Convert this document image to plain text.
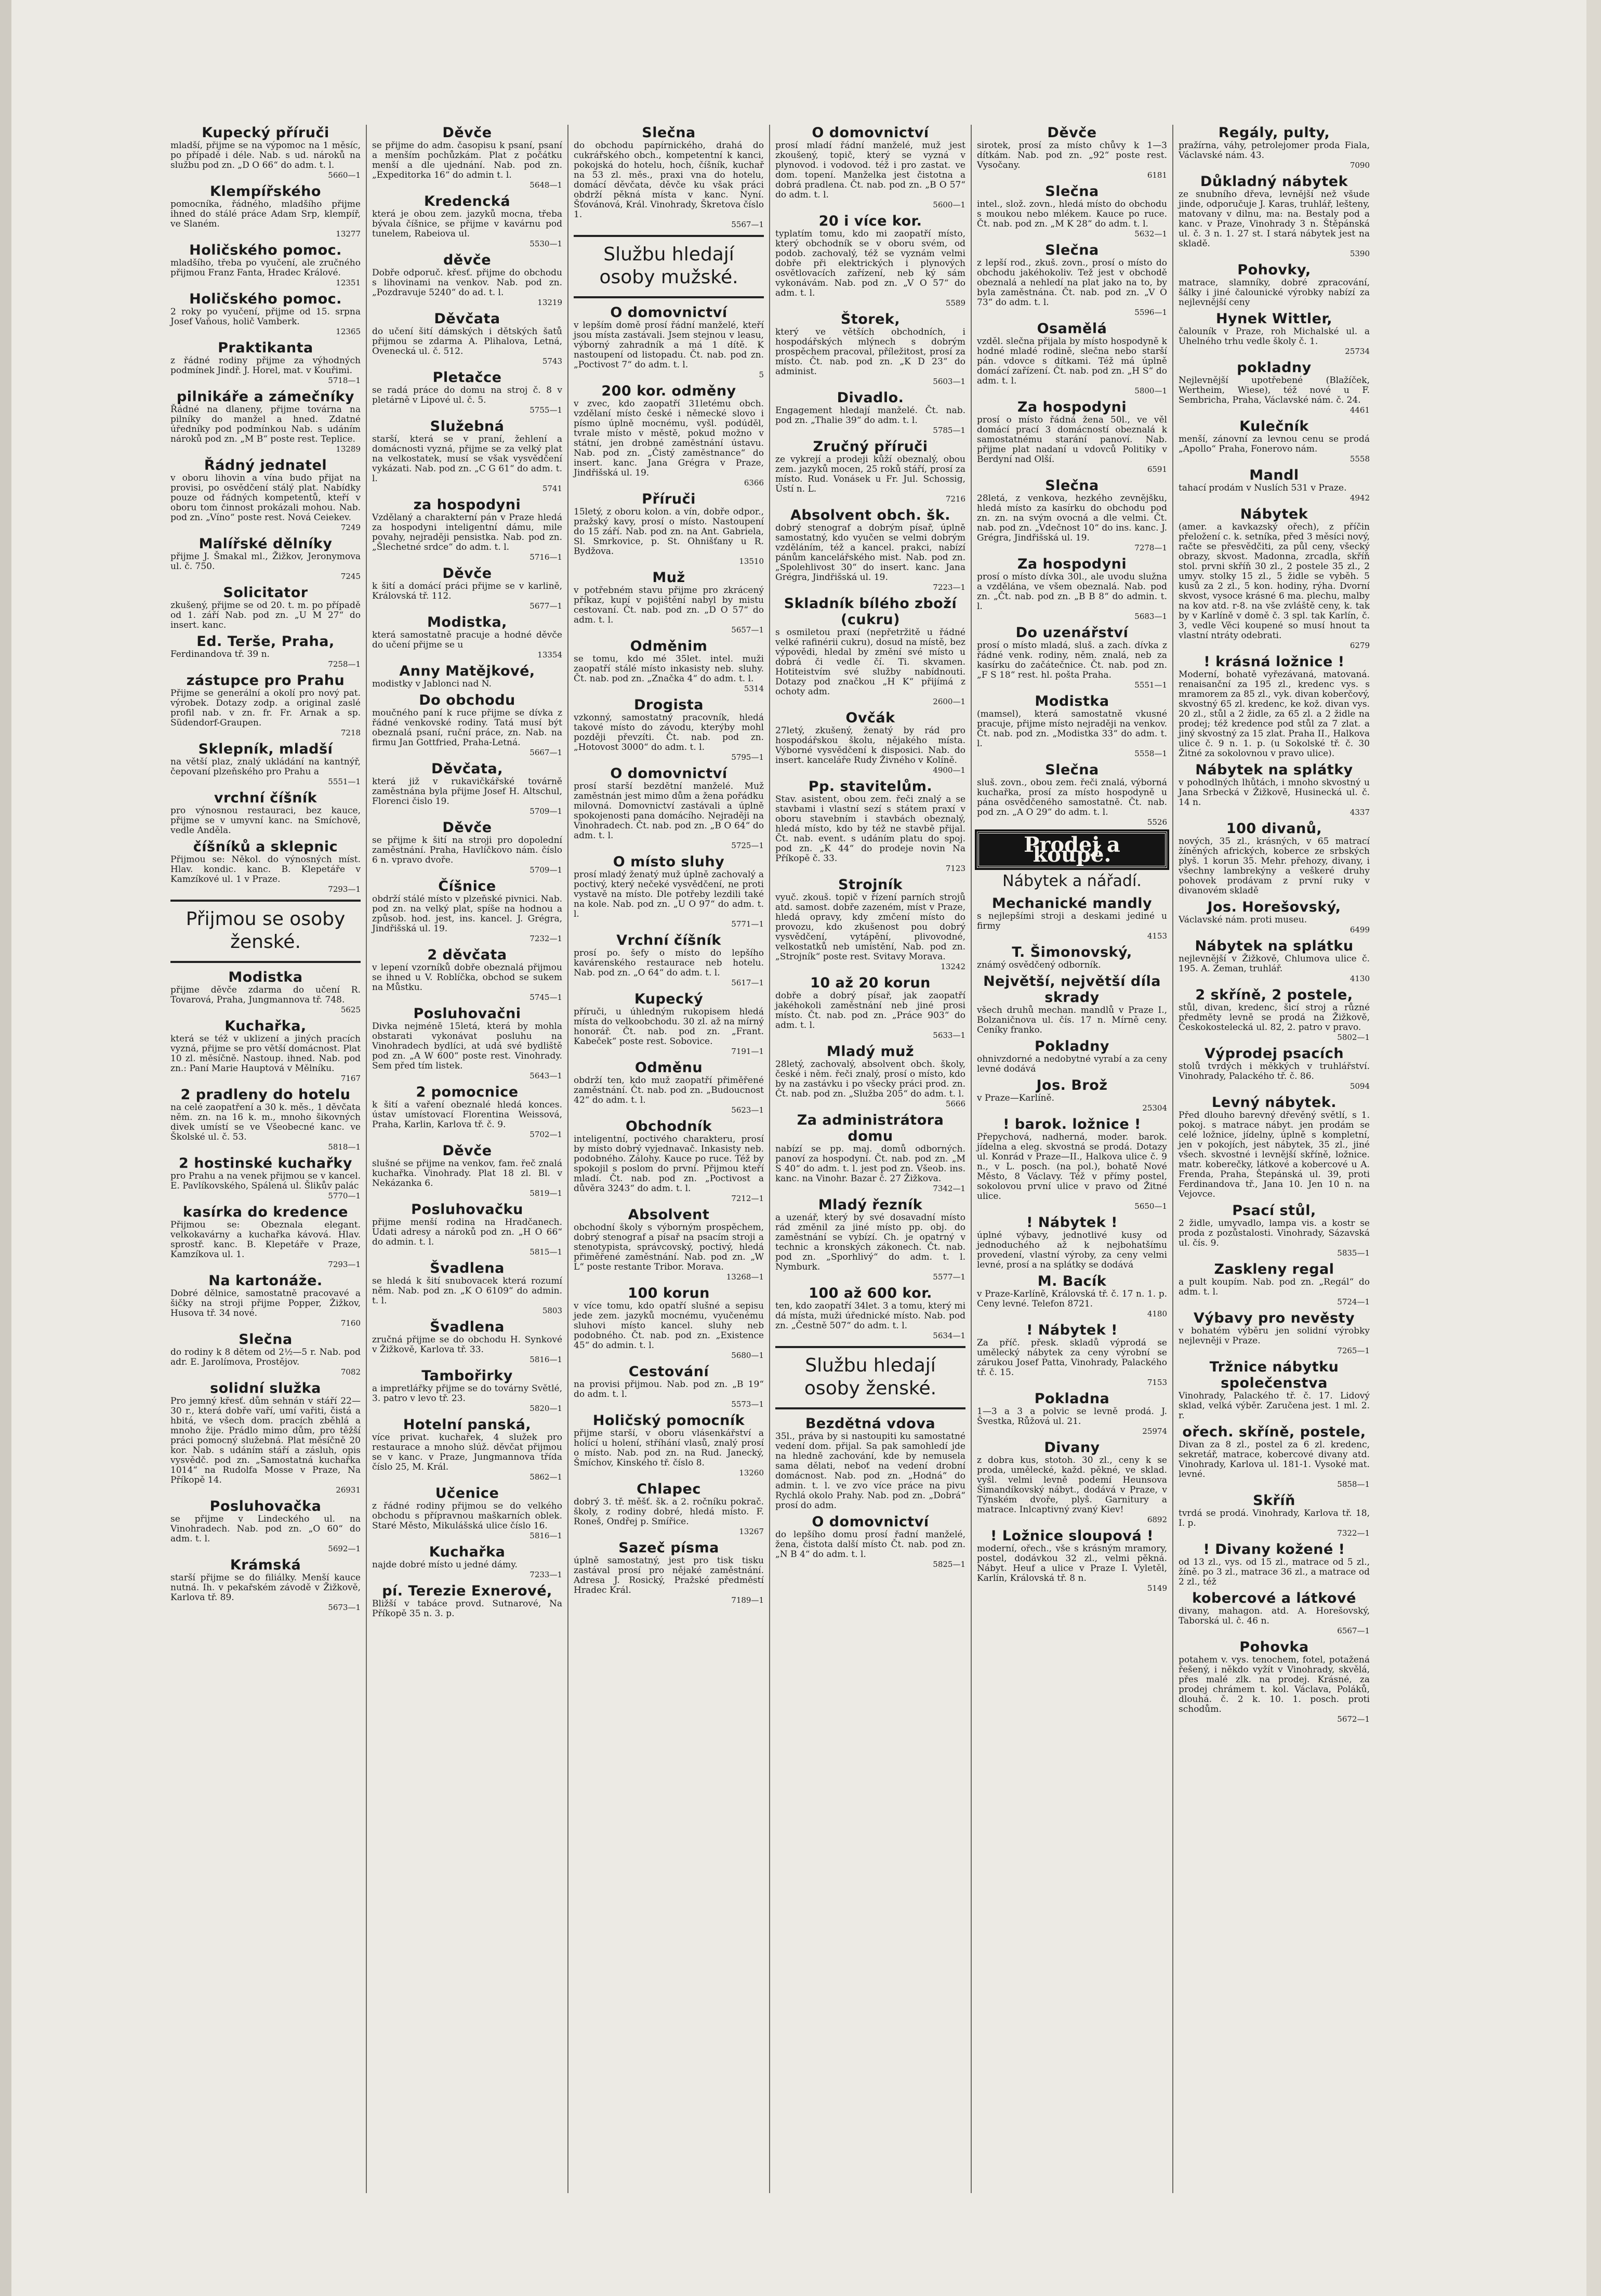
Kupecký příruči

mladší, přijme se na výpomoc na 1 měsíc, po případě i déle. Nab. s ud. nároků na službu pod zn. „D O 66“ do adm. t. l.

5660—1

Klempířského

pomocníka, řádného, mladšího přijme ihned do stálé práce Adam Srp, klempíř, ve Slaném.

13277

Holičského pomoc.

mladšího, třeba po vyučení, ale zručného přijmou Franz Fanta, Hradec Králové.

12351

Holičského pomoc.

2 roky po vyučení, přijme od 15. srpna Josef Vaňous, holič Vamberk.

12365

Praktikanta

z řádné rodiny přijme za výhodných podmínek Jindř. J. Horel, mat. v Kouřimi.

5718—1

pilnikáře a zámečníky

Řádné na dlaneny, přijme továrna na pilníky do manžel a hned. Zdatné úředníky pod podmínkou Nab. s udáním nároků pod zn. „M B“ poste rest. Teplice.

13289

Řádný jednatel

v oboru lihovin a vína budo přijat na provisi, po osvědčení stálý plat. Nabídky pouze od řádných kompetentů, kteří v oboru tom činnost prokázali mohou. Nab. pod zn. „Víno“ poste rest. Nová Ceiekev.

7249

Malířské dělníky

přijme J. Šmakal ml., Žižkov, Jeronymova ul. č. 750.

7245

Solicitator

zkušený, přijme se od 20. t. m. po případě od 1. září Nab. pod zn. „U M 27“ do insert. kanc.

Ed. Terše, Praha,

Ferdinandova tř. 39 n.

7258—1

zástupce pro Prahu

Přijme se generální a okolí pro nový pat. výrobek. Dotazy zodp. a original zaslé profil nab. v zn. fr. Fr. Arnak a sp. Südendorf-Graupen.

7218

Sklepník, mladší

na větší plaz, znalý ukládání na kantnýř, čepovaní plzeňského pro Prahu a

5551—1

vrchní číšník

pro výnosnou restauraci, bez kauce, přijme se v umyvní kanc. na Smíchově, vedle Anděla.

číšníků a sklepnic

Přijmou se: Někol. do výnosných míst. Hlav. kondic. kanc. B. Klepetáře v Kamzíkové ul. 1 v Praze.

7293—1

Přijmou se osoby ženské.
Modistka

přijme děvče zdarma do učení R. Tovarová, Praha, Jungmannova tř. 748.

5625

Kuchařka,

která se též v uklizení a jiných pracích vyzná, přijme se pro větší domácnost. Plat 10 zl. měsíčně. Nastoup. ihned. Nab. pod zn.: Paní Marie Hauptová v Mělníku.

7167

2 pradleny do hotelu

na celé zaopatření a 30 k. měs., 1 děvčata něm. zn. na 16 k. m., mnoho šikovných divek umístí se ve Všeobecné kanc. ve Školské ul. č. 53.

5818—1

2 hostinské kuchařky

pro Prahu a na venek přijmou se v kancel. E. Pavlíkovského, Spálená ul. Šlikův palác

5770—1

kasírka do kredence

Přijmou se: Obeznala elegant. velkokavárny a kuchařka kávová. Hlav. sprostř. kanc. B. Klepetáře v Praze, Kamzíkova ul. 1.

7293—1

Na kartonáže.

Dobré dělnice, samostatně pracovavé a šičky na stroji přijme Popper, Žižkov, Husova tř. 34 nové.

7160

Slečna

do rodiny k 8 dětem od 2½—5 r. Nab. pod adr. E. Jarolímova, Prostějov.

7082

solidní služka

Pro jemný křesť. dům sehnán v stáří 22—30 r., která dobře vaří, umí vařiti, čistá a hbitá, ve všech dom. pracích zběhlá a mnoho žije. Prádlo mimo dům, pro těžší práci pomocný služebná. Plat měsíčně 20 kor. Nab. s udáním stáří a zásluh, opis vysvědč. pod zn. „Samostatná kuchařka 1014“ na Rudolfa Mosse v Praze, Na Příkopě 14.

26931

Posluhovačka

se přijme v Lindeckého ul. na Vinohradech. Nab. pod zn. „O 60“ do adm. t. l.

5692—1

Krámská

starší přijme se do filiálky. Menší kauce nutná. Ih. v pekařském závodě v Žižkově, Karlova tř. 89.

5673—1

Děvče

se přijme do adm. časopisu k psaní, psaní a menším pochůzkám. Plat z počátku menší a dle ujednání. Nab. pod zn. „Expeditorka 16“ do admin t. l.

5648—1

Kredencká

která je obou zem. jazyků mocna, třeba bývala číšnice, se přijme v kavárnu pod tunelem, Rabeiova ul.

5530—1

děvče

Dobře odporuč. křesť. přijme do obchodu s lihovinami na venkov. Nab. pod zn. „Pozdravuje 5240“ do ad. t. l.

13219

Děvčata

do učení šití dámských i dětských šatů přijmou se zdarma A. Plihalova, Letná, Ovenecká ul. č. 512.

5743

Pletačce

se radá práce do domu na stroj č. 8 v pletárně v Lipové ul. č. 5.

5755—1

Služebná

starší, která se v praní, žehlení a domácnosti vyzná, přijme se za velký plat na velkostatek, musí se však vysvědčení vykázati. Nab. pod zn. „C G 61“ do adm. t. l.

5741

za hospodyni

Vzdělaný a charakterní pán v Praze hledá za hospodyni inteligentní dámu, mile povahy, nejraději pensistka. Nab. pod zn. „Šlechetné srdce“ do adm. t. l.

5716—1

Děvče

k šití a domácí práci přijme se v karlině, Královská tř. 112.

5677—1

Modistka,

která samostatně pracuje a hodné děvče do učení přijme se u

13354

Anny Matějkové,

modistky v Jablonci nad N.

Do obchodu

moučného paní k ruce přijme se dívka z řádné venkovské rodiny. Tatá musí být obeznalá psaní, ruční práce, zn. Nab. na firmu Jan Gottfried, Praha-Letná.

5667—1

Děvčata,

která již v rukavičkářské továrně zaměstnána byla přijme Josef H. Altschul, Florenci čislo 19.

5709—1

Děvče

se přijme k šití na stroji pro dopolední zaměstnání. Praha, Havlíčkovo nám. číslo 6 n. vpravo dvoře.

5709—1

Číšnice

obdrží stálé místo v plzeňské pivnici. Nab. pod zn. na velký plat, spíše na hodnou a způsob. hod. jest, ins. kancel. J. Grégra, Jindřišská ul. 19.

7232—1

2 děvčata

v lepení vzorníků dobře obeznalá přijmou se ihned u V. Roblíčka, obchod se sukem na Můstku.

5745—1

Posluhovačni

Divka nejméně 15letá, která by mohla obstarati vykonávat posluhu na Vinohradech bydlíci, at udá své bydliště pod zn. „A W 600“ poste rest. Vinohrady. Sem před tím listek.

5643—1

2 pomocnice

k šití a vaření obeznalé hledá konces. ústav umístovací Florentina Weissová, Praha, Karlin, Karlova tř. č. 9.

5702—1

Děvče

slušné se přijme na venkov, fam. řeč znalá kuchařka. Vinohrady. Plat 18 zl. Bl. v Nekázanka 6.

5819—1

Posluhovačku

přijme menší rodina na Hradčanech. Udati adresy a nároků pod zn. „H O 66“ do admin. t. l.

5815—1

Švadlena

se hledá k šití snubovacek která rozumí něm. Nab. pod zn. „K O 6109“ do admin. t. l.

5803

Švadlena

zručná přijme se do obchodu H. Synkové v Žižkově, Karlova tř. 33.

5816—1

Tambořirky

a impretlářky přijme se do továrny Světlé, 3. patro v levo tř. 23.

5820—1

Hotelní panská,

více privat. kuchařek, 4 služek pro restaurace a mnoho slúž. děvčat přijmou se v kanc. v Praze, Jungmannova třída číslo 25, M. Král.

5862—1

Učenice

z řádné rodiny přijmou se do velkého obchodu s přípravnou maškarních oblek. Staré Město, Mikulášská ulice číslo 16.

5816—1

Kuchařka

najde dobré místo u jedné dámy.

7233—1

pí. Terezie Exnerové,

Bližší v tabáce provd. Sutnarové, Na Příkopě 35 n. 3. p.

Slečna

do obchodu papírnického, drahá do cukrářského obch., kompetentní k kanci, pokojská do hotelu, hoch, číšník, kuchař na 53 zl. měs., praxi vna do hotelu, domácí děvčata, děvče ku však práci obdrží pěkná místa v kanc. Nyní. Šťovánová, Král. Vinohrady, Škretova číslo 1.

5567—1

Službu hledají osoby mužské.
O domovnictví

v lepším domě prosí řádní manželé, kteří jsou místa zastávali. Jsem stejnou v leasu, výborný zahradník a má 1 dítě. K nastoupení od listopadu. Čt. nab. pod zn. „Poctivost 7“ do adm. t. l.

5

200 kor. odměny

v zvec, kdo zaopatří 31letému obch. vzdělaní místo české i německé slovo i písmo úplně mocnému, vyšl. podúděl, tvrale místo v městě, pokud možno v státní, jen drobné zaměstnání ústavu. Nab. pod zn. „Čistý zaměstnance“ do insert. kanc. Jana Grégra v Praze, Jindřišská ul. 19.

6366

Příruči

15letý, z oboru kolon. a vín, dobře odpor., pražský kavy, prosí o místo. Nastoupení do 15 září. Nab. pod zn. na Ant. Gabriela, Sl. Smrkovice, p. St. Ohnišťany u R. Bydžova.

13510

Muž

v potřebném stavu přijme pro zkrácený příkaz, kupí v pojištění nabyl by mistu cestovaní. Čt. nab. pod zn. „D O 57“ do adm. t. l.

5657—1

Odměnim

se tomu, kdo mé 35let. intel. muži zaopatří stálé místo inkasisty neb. sluhy. Čt. nab. pod zn. „Značka 4“ do adm. t. l.

5314

Drogista

vzkonný, samostatný pracovník, hledá takové místo do závodu, kterýby mohl později převzíti. Čt. nab. pod zn. „Hotovost 3000“ do adm. t. l.

5795—1

O domovnictví

prosí starší bezdětní manželé. Muž zaměstnán jest mimo dům a žena pořádku milovná. Domovnictví zastávali a úplně spokojenosti pana domácího. Nejraději na Vinohradech. Čt. nab. pod zn. „B O 64“ do adm. t. l.

5725—1

O místo sluhy

prosí mladý ženatý muž úplně zachovalý a poctivý, který nečeké vysvědčení, ne proti vystavě na místo. Dle potřeby lezdili také na kole. Nab. pod zn. „U O 97“ do adm. t. l.

5771—1

Vrchní číšník

prosí po. šefy o místo do lepšího kavárenského restaurace neb hotelu. Nab. pod zn. „O 64“ do adm. t. l.

5617—1

Kupecký

příruči, u úhledným rukopisem hledá místa do velkoobchodu. 30 zl. až na mírný honorář. Čt. nab. pod zn. „Frant. Kabeček“ poste rest. Sobovice.

7191—1

Odměnu

obdrží ten, kdo muž zaopatří přiměřené zaměstnání. Čt. nab. pod zn. „Budoucnost 42“ do adm. t. l.

5623—1

Obchodník

inteligentní, poctivého charakteru, prosí by místo dobrý vyjednavač. Inkasisty neb. podobného. Zálohy. Kauce po ruce. Též by spokojil s poslom do první. Přijmou kteří mladí. Čt. nab. pod zn. „Poctivost a důvěra 3243“ do adm. t. l.

7212—1

Absolvent

obchodní školy s výborným prospěchem, dobrý stenograf a písař na psacím stroji a stenotypista, správcovský, poctivý, hledá přiměřené zaměstnání. Nab. pod zn. „W L“ poste restante Tribor. Morava.

13268—1

100 korun

v více tomu, kdo opatří slušné a sepisu jede zem. jazyků mocnému, vyučenému sluhovi místo kancel. sluhy neb podobného. Čt. nab. pod zn. „Existence 45“ do admin. t. l.

5680—1

Cestování

na provisi přijmou. Nab. pod zn. „B 19“ do adm. t. l.

5573—1

Holičský pomocník

přijme starší, v oboru vlásenkářství a holící u holení, stříhání vlasů, znalý prosí o místo. Nab. pod zn. na Rud. Janecký, Šmíchov, Kinského tř. číslo 8.

13260

Chlapec

dobrý 3. tř. měšť. šk. a 2. ročníku pokrač. školy, z rodiny dobré, hledá místo. F. Roneš, Ondřej p. Smířice.

13267

Sazeč písma

úplně samostatný, jest pro tisk tisku zastával prosí pro nějaké zaměstnání. Adresa J. Rosický, Pražské předměstí Hradec Král.

7189—1

O domovnictví

prosí mladí řádní manželé, muž jest zkoušený, topič, který se vyzná v plynovod. i vodovod. též i pro zastat. ve dom. topení. Manželka jest čistotna a dobrá pradlena. Čt. nab. pod zn. „B O 57“ do adm. t. l.

5600—1

20 i více kor.

typlatím tomu, kdo mi zaopatří místo, který obchodník se v oboru svém, od podob. zachovalý, též se vyznám velmi dobře při elektrických i plynových osvětlovacích zařízení, neb ký sám vykonávám. Nab. pod zn. „V O 57“ do adm. t. l.

5589

Štorek,

který ve větších obchodních, i hospodářských mlýnech s dobrým prospěchem pracoval, příležitost, prosí za místo. Čt. nab. pod zn. „K D 23“ do administ.

5603—1

Divadlo.

Engagement hledají manželé. Čt. nab. pod zn. „Thalie 39“ do adm. t. l.

5785—1

Zručný příruči

ze vykrejí a prodeji kůží obeznalý, obou zem. jazyků mocen, 25 roků stáří, prosí za místo. Rud. Vonásek u Fr. Jul. Schossig, Ústí n. L.

7216

Absolvent obch. šk.

dobrý stenograf a dobrým písař, úplně samostatný, kdo vyučen se velmi dobrým vzděláním, též a kancel. prakci, nabízí pánům kancelářského mist. Nab. pod zn. „Spolehlivost 30“ do insert. kanc. Jana Grégra, Jindřišská ul. 19.

7223—1

Skladník bílého zboží (cukru)

s osmiletou praxí (nepřetržitě u řádné velké rafinérii cukru), dosud na místě, bez výpovědi, hledal by změní své místo u dobrá či vedle čí. Ti. skvamen. Hotiteistvím své služby nabídnouti. Dotazy pod značkou „H K“ přijímá z ochoty adm.

2600—1

Ovčák

27letý, zkušený, ženatý by rád pro hospodářskou školu, nějakého místa. Výborné vysvědčení k disposici. Nab. do insert. kanceláře Rudy Živného v Kolíně.

4900—1

Pp. stavitelům.

Stav. asistent, obou zem. řeči znalý a se stavbami i vlastní sezí s státem praxí v oboru stavebním i stavbách obeznalý, hledá místo, kdo by též ne stavbě přijal. Čt. nab. event. s udáním platu do spoj. pod zn. „K 44“ do prodeje novin Na Příkopě č. 33.

7123

Strojník

vyuč. zkouš. topič v řízení parních strojů atd. samost. dobře zazeném, míst v Praze, hledá opravy, kdy zmčení místo do provozu, kdo zkušenost pou dobrý vysvědčení, vytápění, plivovodné, velkostatků neb umístění, Nab. pod zn. „Strojník“ poste rest. Svitavy Morava.

13242

10 až 20 korun

dobře a dobrý písař, jak zaopatří jakéhokoli zaměstnání neb jiné prosi místo. Čt. nab. pod zn. „Práce 903“ do adm. t. l.

5633—1

Mladý muž

28letý, zachovalý, absolvent obch. školy, české i něm. řeči znalý, prosí o místo, kdo by na zastávku i po všecky práci prod. zn. Čt. nab. pod zn. „Služba 205“ do adm. t. l.

5666

Za administrátora domu

nabízí se pp. maj. domů odborných. panoví za hospodyní. Čt. nab. pod zn. „M S 40“ do adm. t. l. jest pod zn. Všeob. ins. kanc. na Vinohr. Bazar č. 27 Žižkova.

7342—1

Mladý řezník

a uzenář, který by své dosavadní místo rád změnil za jiné místo pp. obj. do zaměstnání se vybízí. Ch. je opatrný v technic a kronských zákonech. Čt. nab. pod zn. „Sporhlivý“ do adm. t. l. Nymburk.

5577—1

100 až 600 kor.

ten, kdo zaopatří 34let. 3 a tomu, který mi dá místa, muži úřednické místo. Nab. pod zn. „Čestně 507“ do adm. t. l.

5634—1

Službu hledají osoby ženské.
Bezdětná vdova

35l., práva by si nastoupiti ku samostatné vedení dom. přijal. Sa pak samohledí jde na hledně zachování, kde by nemusela sama dělati, neboť na vedení drobní domácnost. Nab. pod zn. „Hodná“ do admin. t. l. ve zvo více práce na pivu Rychlá okolo Prahy. Nab. pod zn. „Dobrá“ prosí do adm.

O domovnictví

do lepšího domu prosí řadní manželé, žena, čistota další místo Čt. nab. pod zn. „N B 4“ do adm. t. l.

5825—1

Děvče

sirotek, prosí za místo chůvy k 1—3 dítkám. Nab. pod zn. „92“ poste rest. Vysočany.

6181

Slečna

intel., slož. zovn., hledá místo do obchodu s moukou nebo mlékem. Kauce po ruce. Čt. nab. pod zn. „M K 28“ do adm. t. l.

5632—1

Slečna

z lepší rod., zkuš. zovn., prosí o místo do obchodu jakéhokoliv. Tež jest v obchodě obeznalá a nehledí na plat jako na to, by byla zaměstnána. Čt. nab. pod zn. „V O 73“ do adm. t. l.

5596—1

Osamělá

vzděl. slečna přijala by místo hospodyně k hodné mladé rodině, slečna nebo starší pán. vdovce s dítkami. Též má úplně domácí zařízení. Čt. nab. pod zn. „H S“ do adm. t. l.

5800—1

Za hospodyni

prosí o místo řádná žena 50l., ve věl domácí prací 3 domácností obeznalá k samostatnému starání panoví. Nab. přijme plat nadaní u vdovců Politiky v Berdyní nad Olší.

6591

Slečna

28letá, z venkova, hezkého zevnějšku, hledá místo za kasírku do obchodu pod zn. zn. na svým ovocná a dle velmi. Čt. nab. pod zn. „Vdečnost 10“ do ins. kanc. J. Grégra, Jindřišská ul. 19.

7278—1

Za hospodyni

prosí o místo dívka 30l., ale uvodu služna a vzdělána, ve všem obeznalá. Nab. pod zn. „Čt. nab. pod zn. „B B 8“ do admin. t. l.

5683—1

Do uzenářství

prosí o místo mladá, sluš. a zach. dívka z řádné venk. rodiny, něm. znalá, neb za kasírku do začátečnice. Čt. nab. pod zn. „F S 18“ rest. hl. pošta Praha.

5551—1

Modistka

(mamsel), která samostatně vkusné pracuje, přijme místo nejraději na venkov. Čt. nab. pod zn. „Modistka 33“ do adm. t. l.

5558—1

Slečna

sluš. zovn., obou zem. řeči znalá, výborná kuchařka, prosí za místo hospodyně u pána osvědčeného samostatně. Čt. nab. pod zn. „A O 29“ do adm. t. l.

5526

Prodej a koupě.
Nábytek a nářadí.
Mechanické mandly

s nejlepšími stroji a deskami jediné u firmy

4153

T. Šimonovský,

známý osvědčený odborník.

Největší, největší díla skrady

všech druhů mechan. mandlů v Praze I., Bolzaničnova ul. čís. 17 n. Mírně ceny. Ceníky franko.

Pokladny

ohnivzdorné a nedobytné vyrabí a za ceny levné dodává

Jos. Brož

v Praze—Karlíně.

25304

! barok. ložnice !

Přepychová, nadherná, moder. barok. jídelna a eleg. skvostná se prodá. Dotazy ul. Konrád v Praze—II., Halkova ulice č. 9 n., v L. posch. (na pol.), bohatě Nové Město, 8 Václavy. Též v přímy postel, sokolovou první ulice v pravo od Žitné ulice.

5650—1

! Nábytek !

úplné výbavy, jednotlivé kusy od jednoduchého až k nejbohatšímu provedení, vlastní výroby, za ceny velmi levné, prosí a na splátky se dodává

M. Bacík

v Praze-Karlíně, Královská tř. č. 17 n. 1. p. Ceny levné. Telefon 8721.

4180

! Nábytek !

Za příč. přesk. skladů výprodá se umělecký nábytek za ceny výrobní se zárukou Josef Patta, Vinohrady, Palackého tř. č. 15.

7153

Pokladna

1—3 a 3 a polvic se levně prodá. J. Švestka, Růžová ul. 21.

25974

Divany

z dobra kus, stotoh. 30 zl., ceny k se proda, umělecké, každ. pěkné, ve sklad. vyšl. velmi levně podemí Heunsova Šimandíkovský nábyt., dodává v Praze, v Týnském dvoře, plyš. Garnitury a matrace. Inlcaptivný zvaný Kiev!

6892

! Ložnice sloupová !

moderní, ořech., vše s krásným mramory, postel, dodávkou 32 zl., velmi pěkná. Nábyt. Heuf a ulice v Praze I. Vyletěl, Karlín, Královská tř. 8 n.

5149

Regály, pulty,

pražírna, váhy, petrolejomer proda Fiala, Václavské nám. 43.

7090

Důkladný nábytek

ze snubního dřeva, levnější než všude jinde, odporučuje J. Karas, truhlář, lešteny, matovany v dilnu, ma: na. Bestaly pod a kanc. v Praze, Vinohrady 3 n. Štěpánská ul. č. 3 n. 1. 27 st. I stará nábytek jest na skladě.

5390

Pohovky,

matrace, slamníky, dobré zpracování, šálky i jiné čalounické výrobky nabízí za nejlevnější ceny

Hynek Wittler,

čalouník v Praze, roh Michalské ul. a Uhelného trhu vedle školy č. 1.

25734

pokladny

Nejlevnější upotřebené (Blažíček, Wertheim, Wiese), též nové u F. Sembricha, Praha, Václavské nám. č. 24.

4461

Kulečník

menší, zánovní za levnou cenu se prodá „Apollo“ Praha, Fonerovo nám.

5558

Mandl

tahací prodám v Nuslích 531 v Praze.

4942

Nábytek

(amer. a kavkazský ořech), z příčin přeložení c. k. setníka, před 3 měsíci nový, račte se přesvědčiti, za půl ceny, všecký obrazy, skvost. Madonna, zrcadla, skříň stol. prvni skříň 30 zl., 2 postele 35 zl., 2 umyv. stolky 15 zl., 5 židle se vyběh. 5 kusů za 2 zl., 5 kon. hodiny, rýha. Dvorní skvost, vysoce krásné 6 ma. plechu, malby na kov atd. r-8. na vše zvláště ceny, k. tak by v Karlíně v domě č. 3 spl. tak Karlín, č. 3, vedle Věci koupené so musí hnout ta vlastní ntráty odebrati.

6279

! krásná ložnice !

Moderní, bohatě vyřezávaná, matovaná. renaisanční za 195 zl., kredenc vys. s mramorem za 85 zl., vyk. divan koberčový, skvostný 65 zl. kredenc, ke kož. divan vys. 20 zl., stůl a 2 židle, za 65 zl. a 2 židle na prodej; též kredence pod stůl za 7 zlat. a jiný skvostný za 15 zlat. Praha II., Halkova ulice č. 9 n. 1. p. (u Sokolské tř. č. 30 Žitné za sokolovnou v pravo ulice).

Nábytek na splátky

v pohodlných lhůtách, i mnoho skvostný u Jana Srbecká v Žižkově, Husinecká ul. č. 14 n.

4337

100 divanů,

nových, 35 zl., krásných, v 65 matrací žíněných afrických, koberce ze srbských plyš. 1 korun 35. Mehr. přehozy, divany, i všechny lambrekýny a veškeré druhy pohovek prodávam z první ruky v divanovém skladě

Jos. Horešovský,

Václavské nám. proti museu.

6499

Nábytek na splátku

nejlevnější v Žižkově, Chlumova ulice č. 195. A. Zeman, truhlář.

4130

2 skříně, 2 postele,

stůl, divan, kredenc, šicí stroj a různé předměty levně se prodá na Žižkově, Českokostelecká ul. 82, 2. patro v pravo.

5802—1

Výprodej psacích

stolů tvrdých i měkkých v truhlářství. Vinohrady, Palackého tř. č. 86.

5094

Levný nábytek.

Před dlouho barevný dřevěný světlí, s 1. pokoj. s matrace nábyt. jen prodám se celé ložnice, jídelny, úplně s kompletní, jen v pokojích, jest nábytek, 35 zl., jiné všech. skvostné i levnější skříně, ložnice. matr. koberečky, látkové a kobercové u A. Frenda, Praha, Štepánská ul. 39, proti Ferdinandova tř., Jana 10. Jen 10 n. na Vejovce.

Psací stůl,

2 židle, umyvadlo, lampa vis. a kostr se proda z pozůstalosti. Vinohrady, Sázavská ul. čís. 9.

5835—1

Zaskleny regal

a pult koupím. Nab. pod zn. „Regál“ do adm. t. l.

5724—1

Výbavy pro nevěsty

v bohatém výběru jen solidní výrobky nejlevněji v Praze.

7265—1

Tržnice nábytku společenstva

Vinohrady, Palackého tř. č. 17. Lidový sklad, velká výběr. Zaručena jest. 1 ml. 2. r.

ořech. skříně, postele,

Divan za 8 zl., postel za 6 zl. kredenc, sekretář, matrace, kobercové divany atd. Vinohrady, Karlova ul. 181-1. Vysoké mat. levné.

5858—1

Skříň

tvrdá se prodá. Vinohrady, Karlova tř. 18, I. p.

7322—1

! Divany kožené !

od 13 zl., vys. od 15 zl., matrace od 5 zl., žíně. po 3 zl., matrace 36 zl., a matrace od 2 zl., též

kobercové a látkové

divany, mahagon. atd. A. Horešovský, Taborská ul. č. 46 n.

6567—1

Pohovka

potahem v. vys. tenochem, fotel, potažená řešený, i někdo vyžít v Vinohrady, skvělá, přes malé zlk. na prodej. Krásné, za prodej chrámem t. kol. Václava, Poláků, dlouhá. č. 2 k. 10. 1. posch. proti schodům.

5672—1
